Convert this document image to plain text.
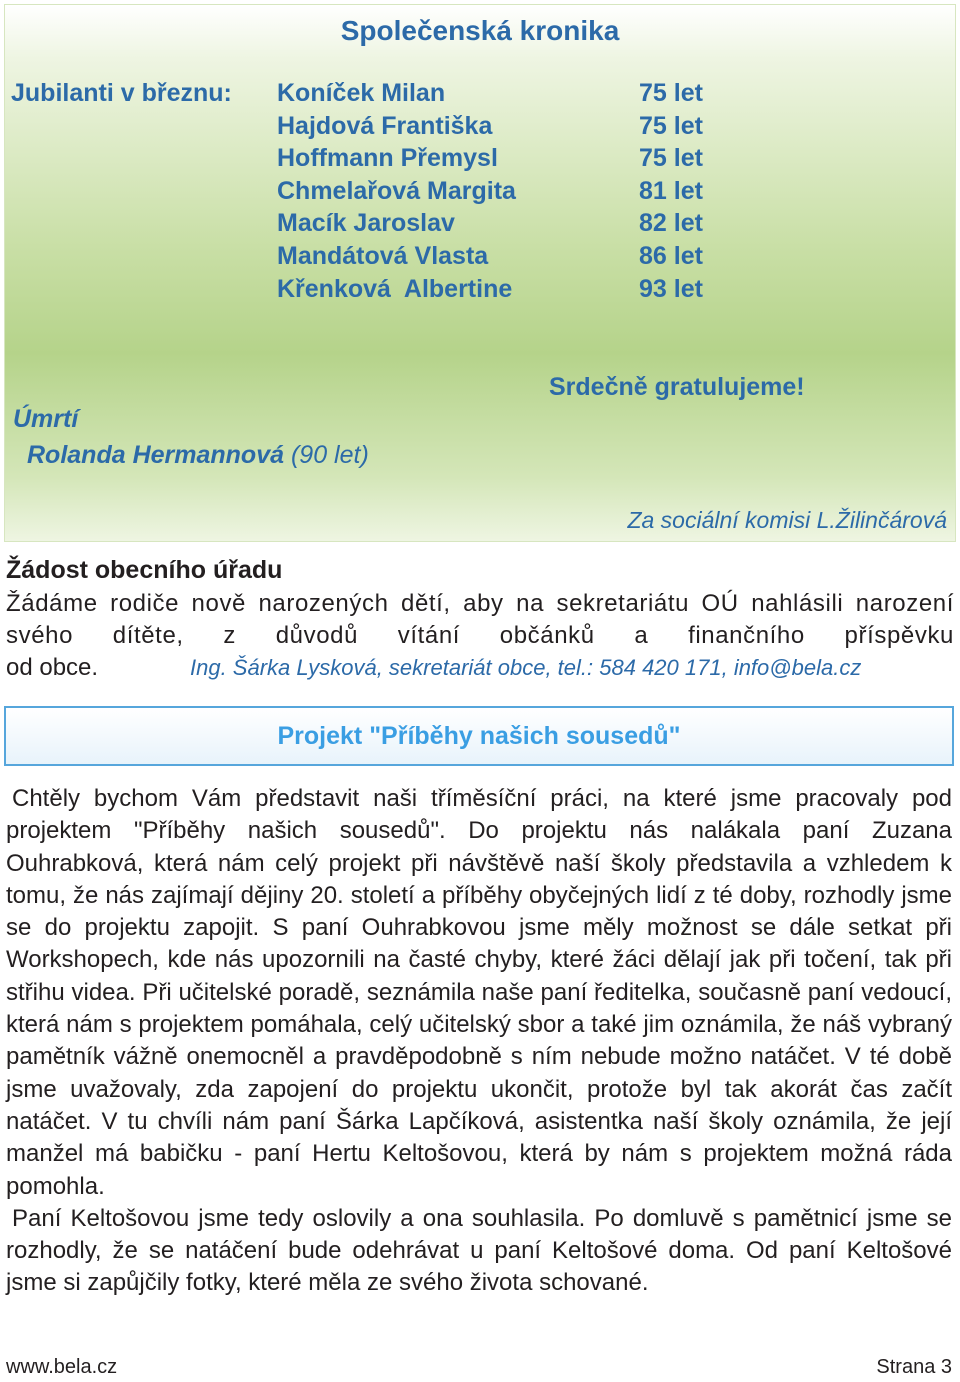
Společenská kronika
Jubilanti v březnu: Koníček Milan	75 let
Hajdová Františka	75 let
Hoffmann Přemysl	75 let
Chmelařová Margita	81 let
Macík Jaroslav	82 let
Mandátová Vlasta	86 let
Křenková  Albertine	93 let
Srdečně gratulujeme!
Úmrtí
Rolanda Hermannová (90 let)
Za sociální komisi L.Žilinčárová
Žádost obecního úřadu
Žádáme rodiče nově narozených dětí, aby na sekretariátu OÚ nahlásili narození svého dítěte, z důvodů vítání občánků a finančního příspěvku
od obce.	Ing. Šárka Lysková, sekretariát obce, tel.: 584 420 171, info@bela.cz
Projekt "Příběhy našich sousedů"

Chtěly bychom Vám představit naši tříměsíční práci, na které jsme pracovaly pod projektem "Příběhy našich sousedů". Do projektu nás nalákala paní Zuzana Ouhrabková, která nám celý projekt při návštěvě naší školy představila a vzhledem k tomu, že nás zajímají dějiny 20. století a příběhy obyčejných lidí z té doby, rozhodly jsme se do projektu zapojit. S paní Ouhrabkovou jsme měly možnost se dále setkat při Workshopech, kde nás upozornili na časté chyby, které žáci dělají jak při točení, tak při střihu videa. Při učitelské poradě, seznámila naše paní ředitelka, současně paní vedoucí, která nám s projektem pomáhala, celý učitelský sbor a také jim oznámila, že náš vybraný pamětník vážně onemocněl a pravděpodobně s ním nebude možno natáčet. V té době jsme uvažovaly, zda zapojení do projektu ukončit, protože byl tak akorát čas začít natáčet. V tu chvíli nám paní Šárka Lapčíková, asistentka naší školy oznámila, že její manžel má babičku - paní Hertu Keltošovou, která by nám s projektem možná ráda pomohla.

Paní Keltošovou jsme tedy oslovily a ona souhlasila. Po domluvě s pamětnicí jsme se rozhodly, že se natáčení bude odehrávat u paní Keltošové doma. Od paní Keltošové jsme si zapůjčily fotky, které měla ze svého života schované.

www.bela.cz	Strana 3
